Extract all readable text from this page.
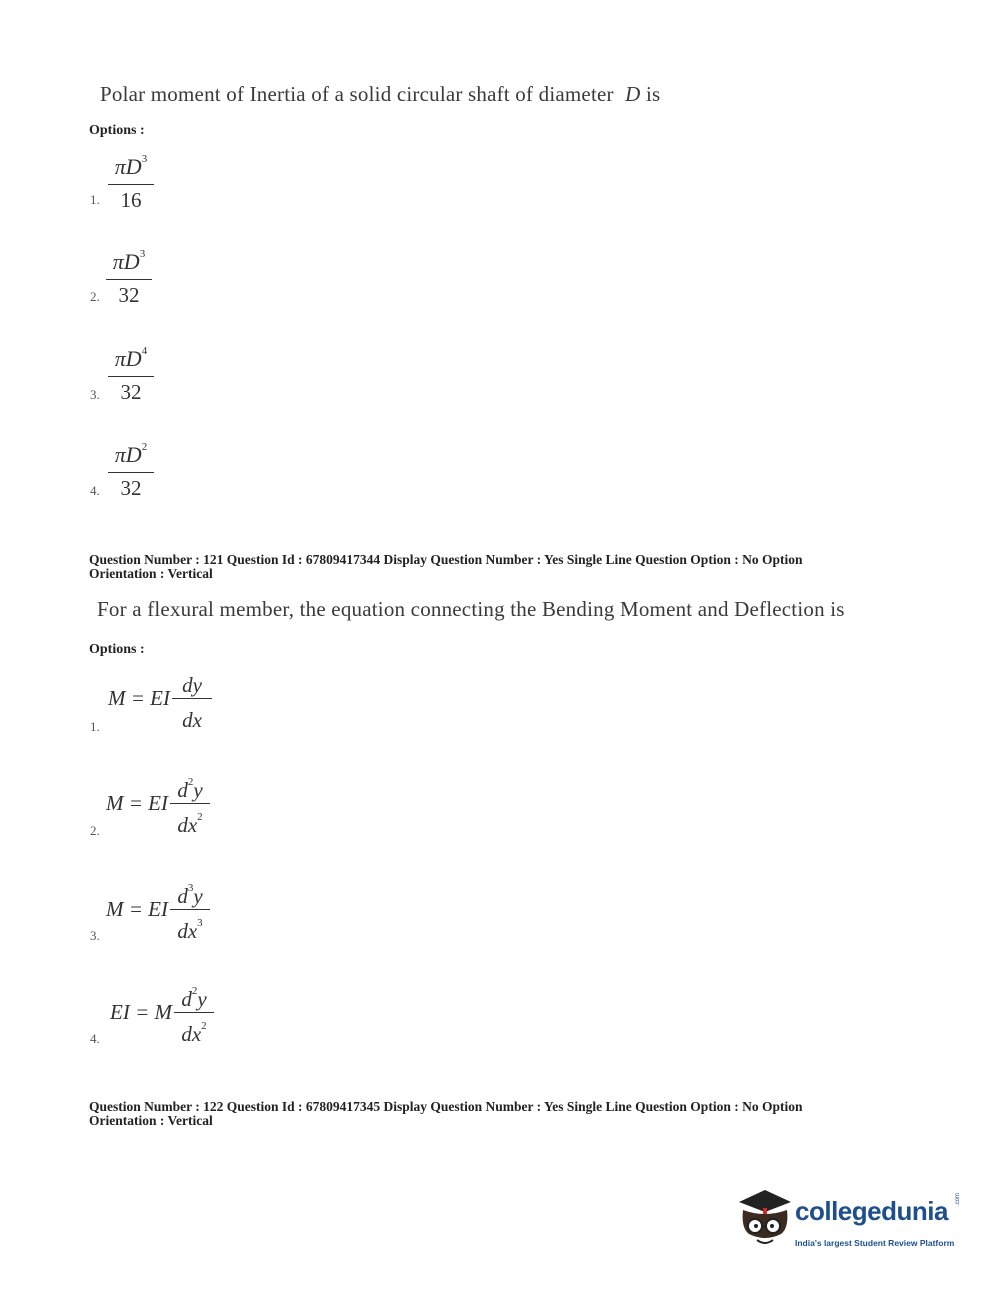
Polar moment of Inertia of a solid circular shaft of diameter D is
Options :
$\pi D^3$
16
1.
$\pi D^3$
32
2.
$\pi D^4$
32
3.
$\pi D^2$
32
4.
Question Number : 121 Question Id : 67809417344 Display Question Number : Yes Single Line Question Option : No Option
Orientation : Vertical
For a flexural member, the equation connecting the Bending Moment and Deflection is
Options :
M = EI
dy
dx
1.
M = EI
$d^2y$
$dx^2$
2.
M = EI
$d^3y$
$dx^3$
3.
EI = M
$d^2y$
$dx^2$
4.
Question Number : 122 Question Id : 67809417345 Display Question Number : Yes Single Line Question Option : No Option
Orientation : Vertical
collegedunia .com
India's largest Student Review Platform
